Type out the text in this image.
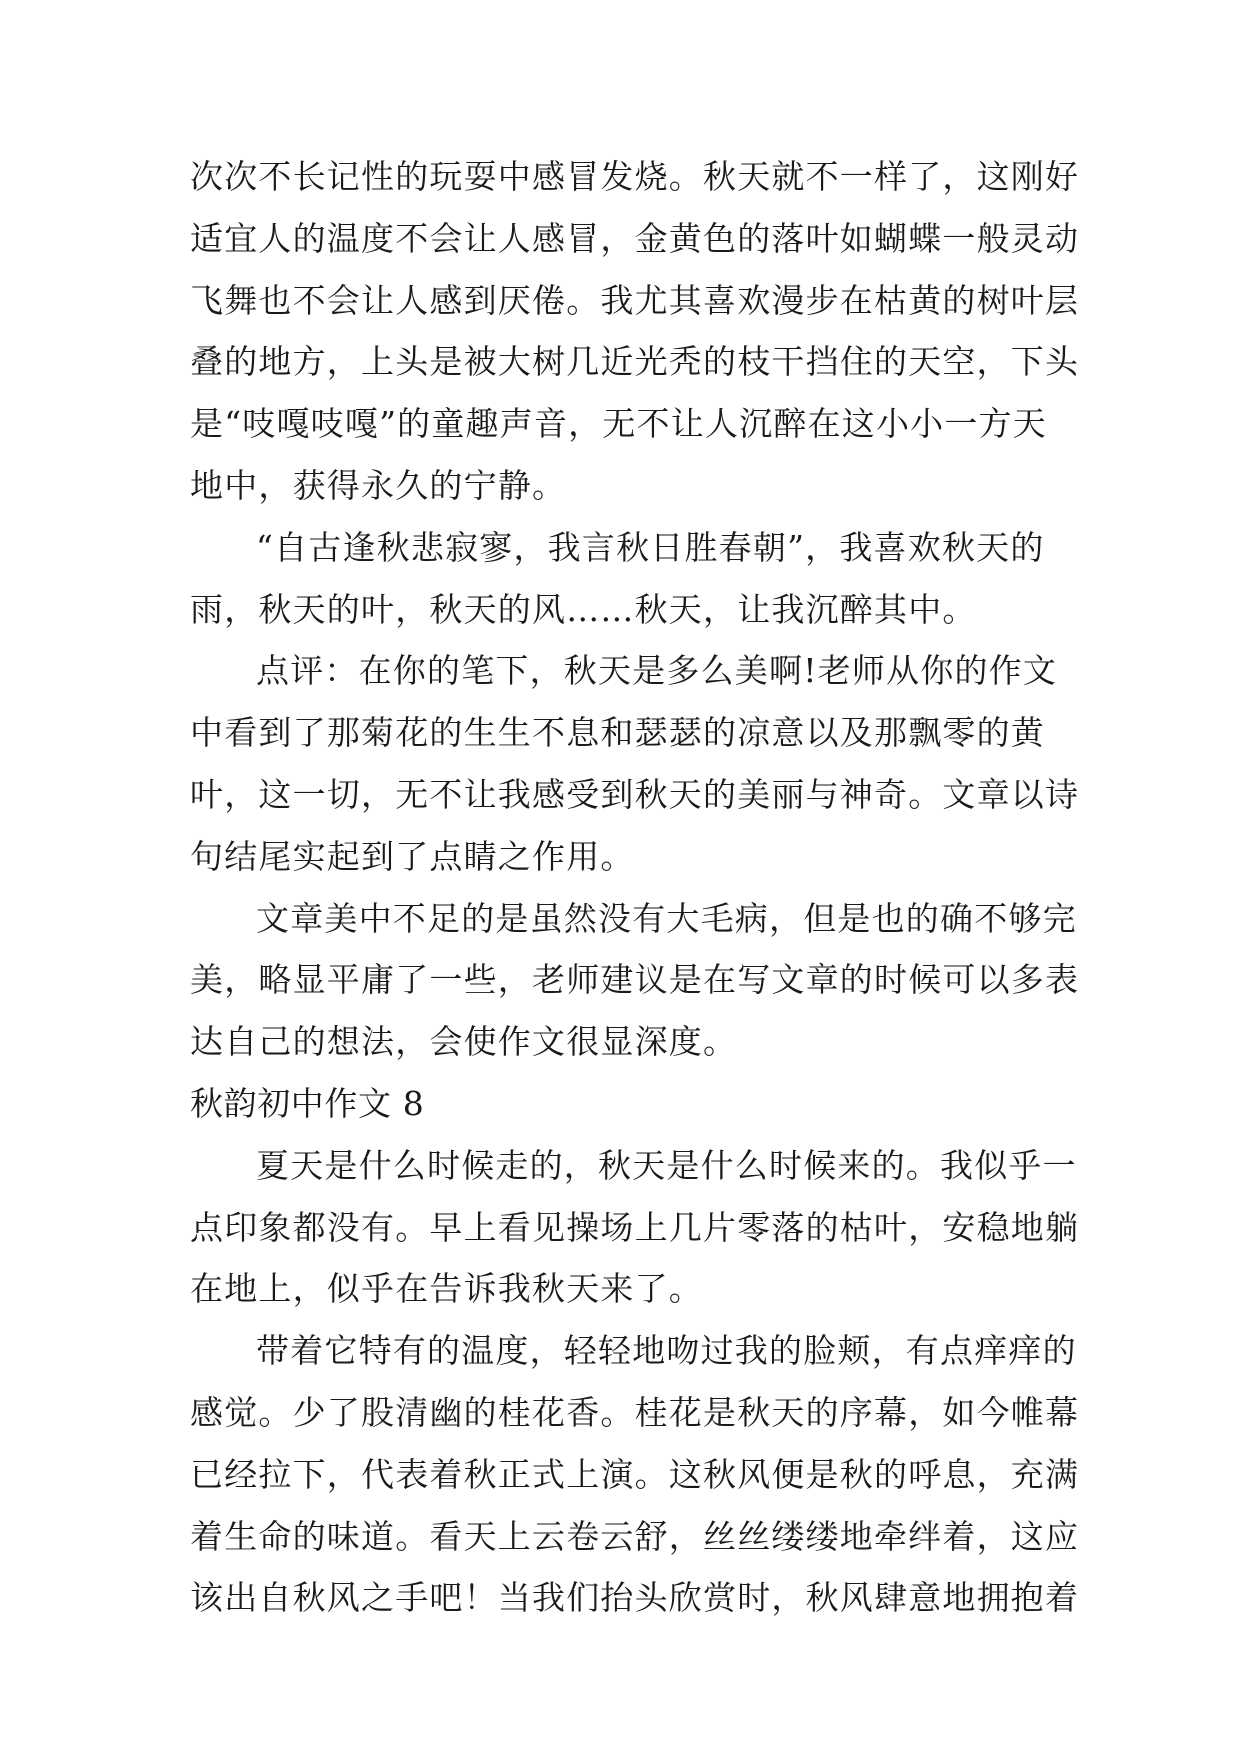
次次不长记性的玩耍中感冒发烧。秋天就不一样了，这刚好
适宜人的温度不会让人感冒，金黄色的落叶如蝴蝶一般灵动
飞舞也不会让人感到厌倦。我尤其喜欢漫步在枯黄的树叶层
叠的地方，上头是被大树几近光秃的枝干挡住的天空，下头
是“吱嘎吱嘎”的童趣声音，无不让人沉醉在这小小一方天
地中，获得永久的宁静。
“自古逢秋悲寂寥，我言秋日胜春朝”，我喜欢秋天的
雨，秋天的叶，秋天的风……秋天，让我沉醉其中。
点评：在你的笔下，秋天是多么美啊!老师从你的作文
中看到了那菊花的生生不息和瑟瑟的凉意以及那飘零的黄
叶，这一切，无不让我感受到秋天的美丽与神奇。文章以诗
句结尾实起到了点睛之作用。
文章美中不足的是虽然没有大毛病，但是也的确不够完
美，略显平庸了一些，老师建议是在写文章的时候可以多表
达自己的想法，会使作文很显深度。
秋韵初中作文 8
夏天是什么时候走的，秋天是什么时候来的。我似乎一
点印象都没有。早上看见操场上几片零落的枯叶，安稳地躺
在地上，似乎在告诉我秋天来了。
带着它特有的温度，轻轻地吻过我的脸颊，有点痒痒的
感觉。少了股清幽的桂花香。桂花是秋天的序幕，如今帷幕
已经拉下，代表着秋正式上演。这秋风便是秋的呼息，充满
着生命的味道。看天上云卷云舒，丝丝缕缕地牵绊着，这应
该出自秋风之手吧！当我们抬头欣赏时，秋风肆意地拥抱着
